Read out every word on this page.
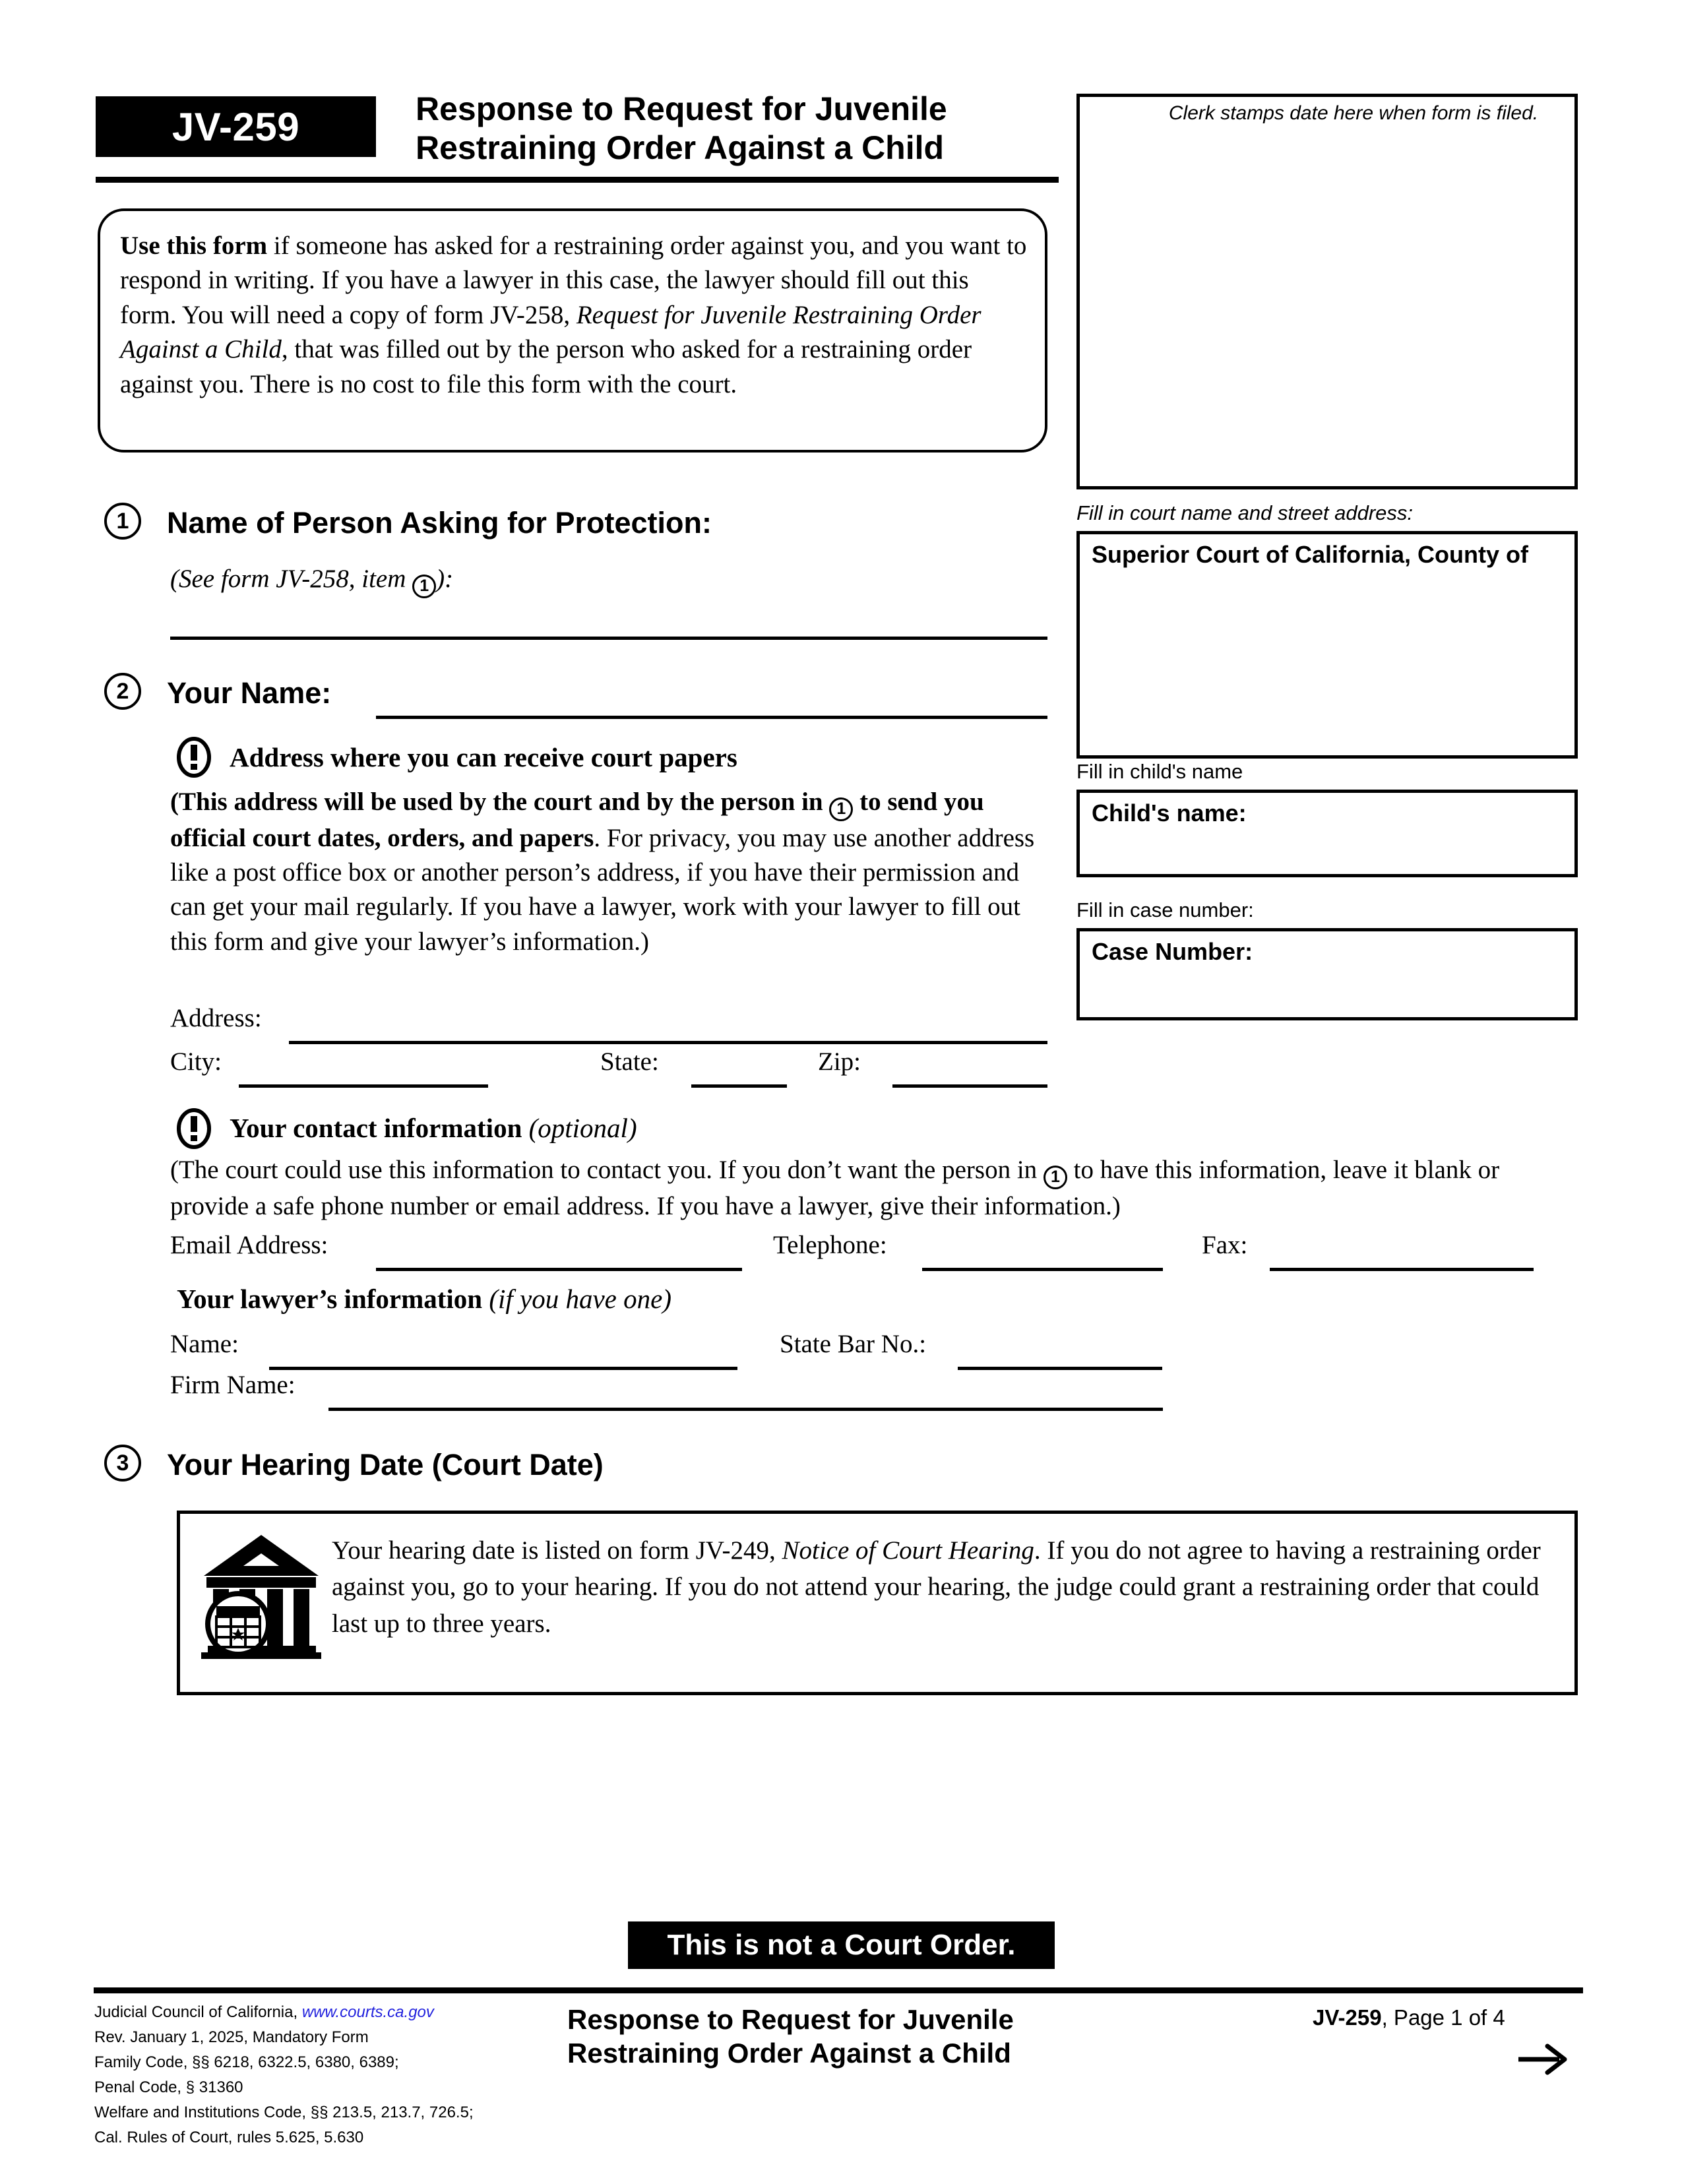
JV-259	Response to Request for Juvenile
Restraining Order Against a Child
Use this form if someone has asked for a restraining order against you, and you want to respond in writing. If you have a lawyer in this case, the lawyer should fill out this form. You will need a copy of form JV-258, Request for Juvenile Restraining Order Against a Child, that was filled out by the person who asked for a restraining order against you. There is no cost to file this form with the court.
Clerk stamps date here when form is filed.
Fill in court name and street address:
Superior Court of California, County of
Fill in child's name
Child's name:
Fill in case number:
Case Number:
1	Name of Person Asking for Protection:
(See form JV-258, item 1 ):
2	Your Name:
Address where you can receive court papers
(This address will be used by the court and by the person in 1 to send you official court dates, orders, and papers. For privacy, you may use another address like a post office box or another person’s address, if you have their permission and can get your mail regularly. If you have a lawyer, work with your lawyer to fill out this form and give your lawyer’s information.)
Address:
City:	State:	Zip:
Your contact information (optional)
(The court could use this information to contact you. If you don’t want the person in 1 to have this information, leave it blank or provide a safe phone number or email address. If you have a lawyer, give their information.)
Email Address:	Telephone:	Fax:
Your lawyer’s information (if you have one)
Name:	State Bar No.:
Firm Name:
3	Your Hearing Date (Court Date)
Your hearing date is listed on form JV-249, Notice of Court Hearing. If you do not agree to having a restraining order against you, go to your hearing. If you do not attend your hearing, the judge could grant a restraining order that could last up to three years.
This is not a Court Order.
Judicial Council of California, www.courts.ca.gov
Rev. January 1, 2025, Mandatory Form
Family Code, §§ 6218, 6322.5, 6380, 6389;
Penal Code, § 31360
Welfare and Institutions Code, §§ 213.5, 213.7, 726.5;
Cal. Rules of Court, rules 5.625, 5.630
Response to Request for Juvenile
Restraining Order Against a Child
JV-259, Page 1 of 4
